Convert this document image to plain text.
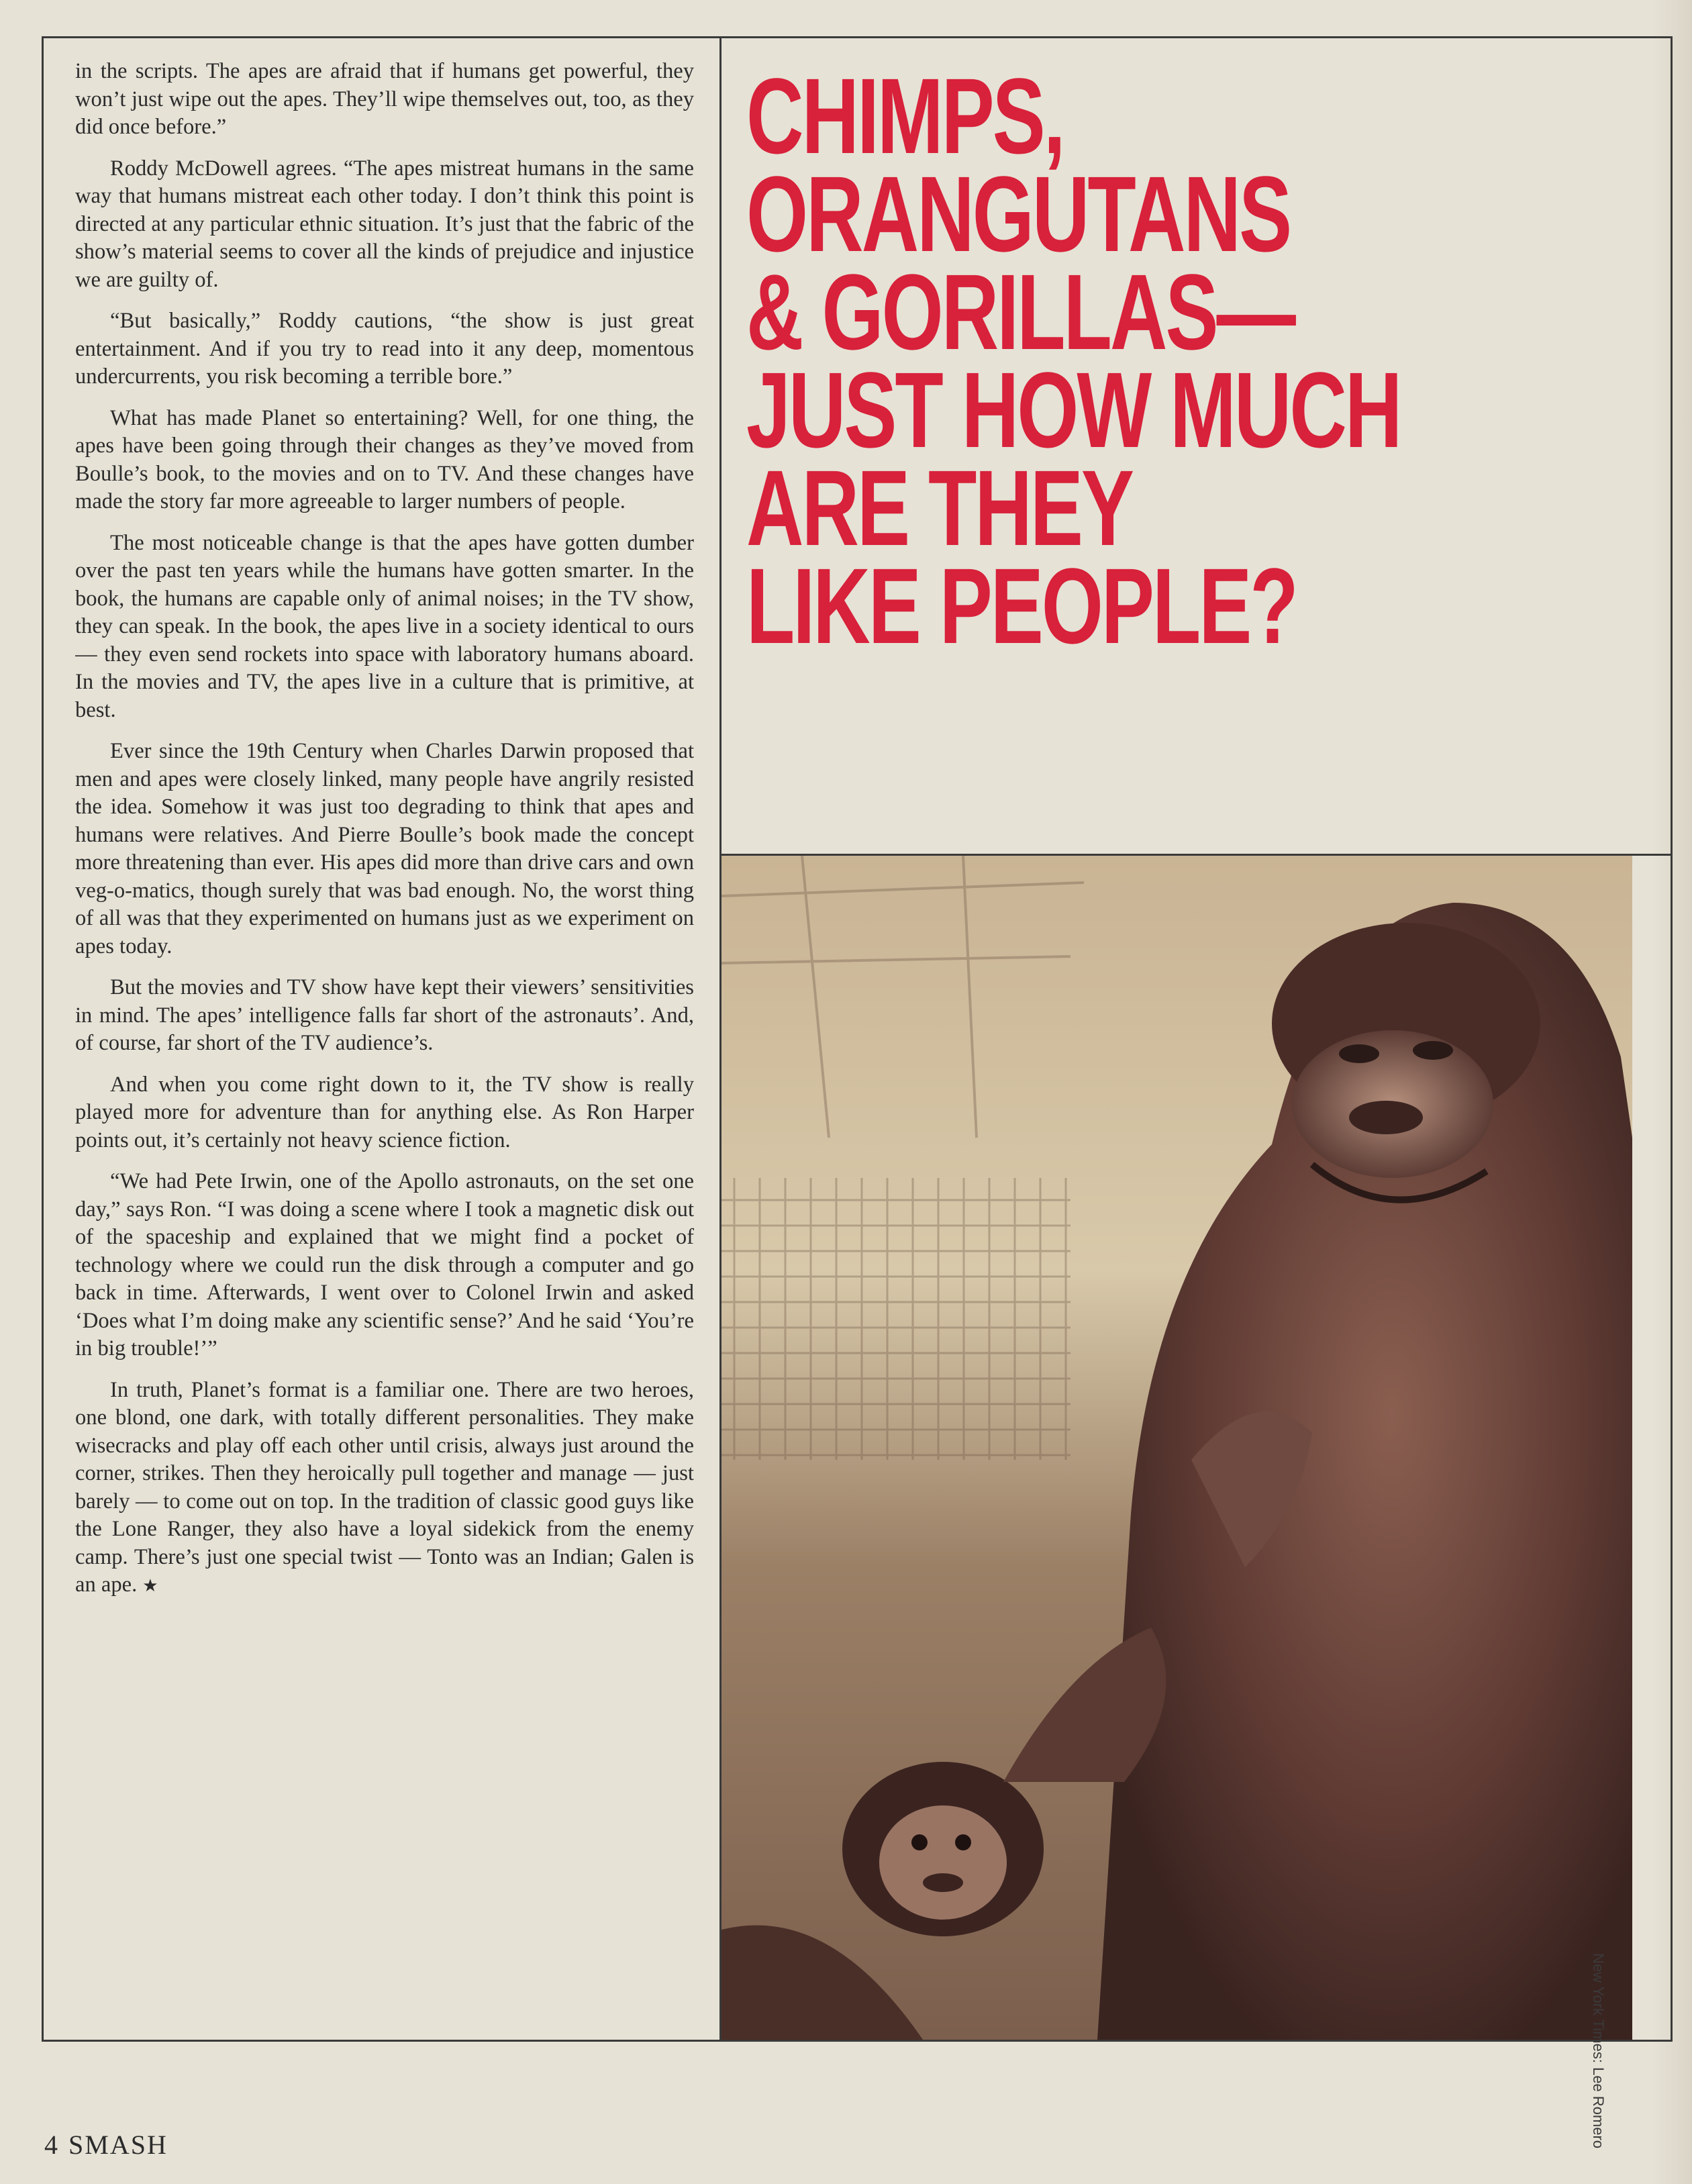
in the scripts. The apes are afraid that if humans get powerful, they won’t just wipe out the apes. They’ll wipe themselves out, too, as they did once before.”

Roddy McDowell agrees. “The apes mistreat humans in the same way that humans mistreat each other today. I don’t think this point is directed at any particular ethnic situation. It’s just that the fabric of the show’s material seems to cover all the kinds of prejudice and injustice we are guilty of.

“But basically,” Roddy cautions, “the show is just great entertainment. And if you try to read into it any deep, momentous undercurrents, you risk becoming a terrible bore.”

What has made Planet so entertaining? Well, for one thing, the apes have been going through their changes as they’ve moved from Boulle’s book, to the movies and on to TV. And these changes have made the story far more agreeable to larger numbers of people.

The most noticeable change is that the apes have gotten dumber over the past ten years while the humans have gotten smarter. In the book, the humans are capable only of animal noises; in the TV show, they can speak. In the book, the apes live in a society identical to ours — they even send rockets into space with laboratory humans aboard. In the movies and TV, the apes live in a culture that is primitive, at best.

Ever since the 19th Century when Charles Darwin proposed that men and apes were closely linked, many people have angrily resisted the idea. Somehow it was just too degrading to think that apes and humans were relatives. And Pierre Boulle’s book made the concept more threatening than ever. His apes did more than drive cars and own veg-o-matics, though surely that was bad enough. No, the worst thing of all was that they experimented on humans just as we experiment on apes today.

But the movies and TV show have kept their viewers’ sensitivities in mind. The apes’ intelligence falls far short of the astronauts’. And, of course, far short of the TV audience’s.

And when you come right down to it, the TV show is really played more for adventure than for anything else. As Ron Harper points out, it’s certainly not heavy science fiction.

“We had Pete Irwin, one of the Apollo astronauts, on the set one day,” says Ron. “I was doing a scene where I took a magnetic disk out of the spaceship and explained that we might find a pocket of technology where we could run the disk through a computer and go back in time. Afterwards, I went over to Colonel Irwin and asked ‘Does what I’m doing make any scientific sense?’ And he said ‘You’re in big trouble!’”

In truth, Planet’s format is a familiar one. There are two heroes, one blond, one dark, with totally different personalities. They make wisecracks and play off each other until crisis, always just around the corner, strikes. Then they heroically pull together and manage — just barely — to come out on top. In the tradition of classic good guys like the Lone Ranger, they also have a loyal sidekick from the enemy camp. There’s just one special twist — Tonto was an Indian; Galen is an ape. ★

CHIMPS,
ORANGUTANS
& GORILLAS—
JUST HOW MUCH
ARE THEY
LIKE PEOPLE?
New York Times: Lee Romero
4 SMASH
